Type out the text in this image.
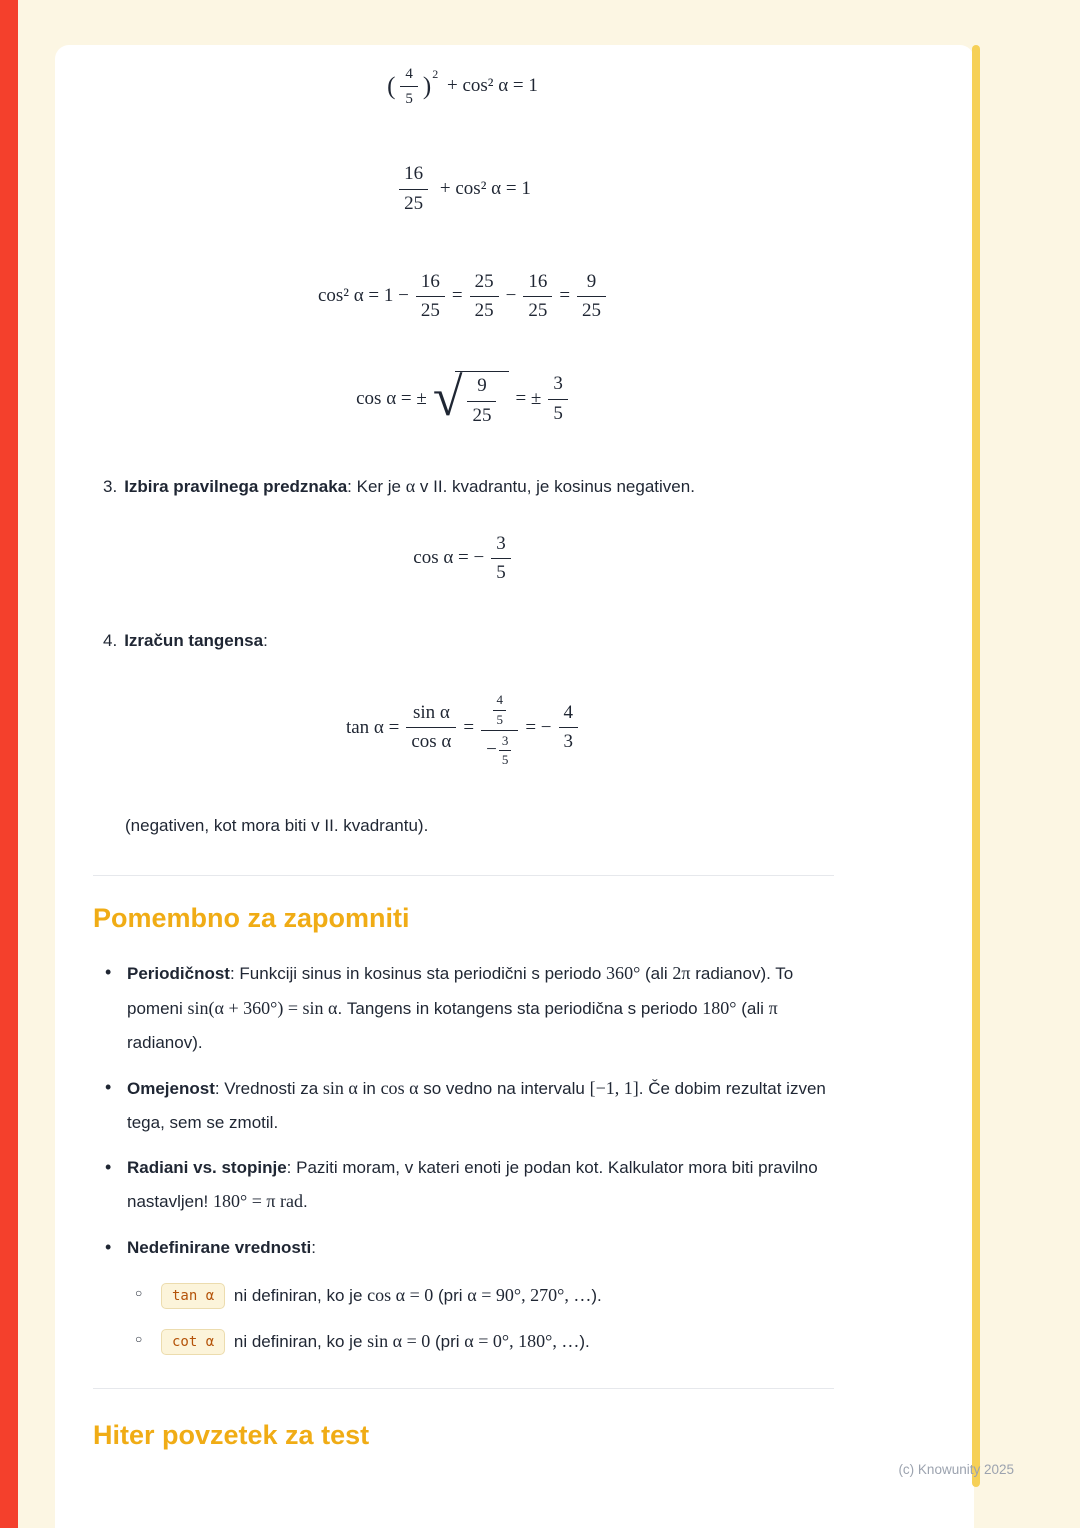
( $\frac{4}{5}$ ) 2
+ cos² α = 1
$\frac{16}{25} + \cos^2$ α = 1
cos² $\alpha = 1 - \frac{16}{25} = \frac{25}{25} - \frac{16}{25} = \frac{9}{25}$
cos α = ± √ $\frac{9}{25}$ = ± $\frac{3}{5}$

3. Izbira pravilnega predznaka: Ker je α v II. kvadrantu, je kosinus negativen.

cos α = − $\frac{3}{5}$

4. Izračun tangensa:

$\tan \alpha = \frac{\text{sin α}}{\text{cos α}} = \frac{\frac{4}{5}}{- \frac{3}{5}}$ = − $\frac{4}{3}$

(negativen, kot mora biti v II. kvadrantu).

Pomembno za zapomniti
• Periodičnost: Funkciji sinus in kosinus sta periodični s periodo 360° (ali 2π radianov). To pomeni sin(α + 360°) = sin α. Tangens in kotangens sta periodična s periodo 180° (ali π radianov).
• Omejenost: Vrednosti za sin α in cos α so vedno na intervalu [−1, 1]. Če dobim rezultat izven tega, sem se zmotil.
• Radiani vs. stopinje: Paziti moram, v kateri enoti je podan kot. Kalkulator mora biti pravilno nastavljen! 180° = π rad.
• Nedefinirane vrednosti:
○	tan α ni definiran, ko je cos α = 0 (pri α = 90°, 270°, …).
○	cot α ni definiran, ko je sin α = 0 (pri α = 0°, 180°, …).
Hiter povzetek za test
(c) Knowunity 2025
